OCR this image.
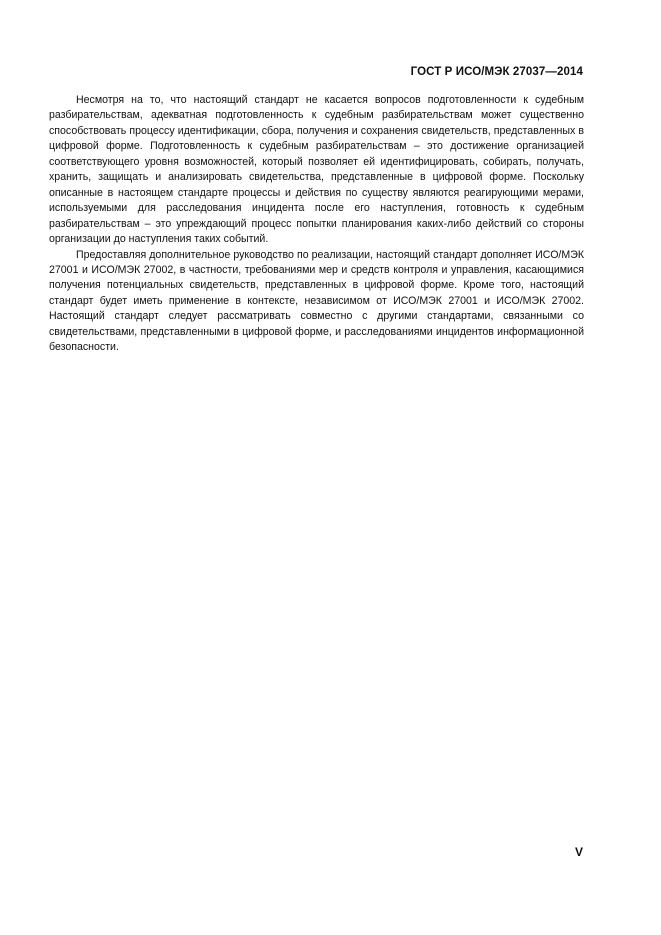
ГОСТ Р ИСО/МЭК 27037—2014

Несмотря на то, что настоящий стандарт не касается вопросов подготовленности к судебным разбирательствам, адекватная подготовленность к судебным разбирательствам может существенно способствовать процессу идентификации, сбора, получения и сохранения свидетельств, представленных в цифровой форме. Подготовленность к судебным разбирательствам – это достижение организацией соответствующего уровня возможностей, который позволяет ей идентифицировать, собирать, получать, хранить, защищать и анализировать свидетельства, представленные в цифровой форме. Поскольку описанные в настоящем стандарте процессы и действия по существу являются реагирующими мерами, используемыми для расследования инцидента после его наступления, готовность к судебным разбирательствам – это упреждающий процесс попытки планирования каких-либо действий со стороны организации до наступления таких событий.

Предоставляя дополнительное руководство по реализации, настоящий стандарт дополняет ИСО/МЭК 27001 и ИСО/МЭК 27002, в частности, требованиями мер и средств контроля и управления, касающимися получения потенциальных свидетельств, представленных в цифровой форме. Кроме того, настоящий стандарт будет иметь применение в контексте, независимом от ИСО/МЭК 27001 и ИСО/МЭК 27002. Настоящий стандарт следует рассматривать совместно с другими стандартами, связанными со свидетельствами, представленными в цифровой форме, и расследованиями инцидентов информационной безопасности.

V
